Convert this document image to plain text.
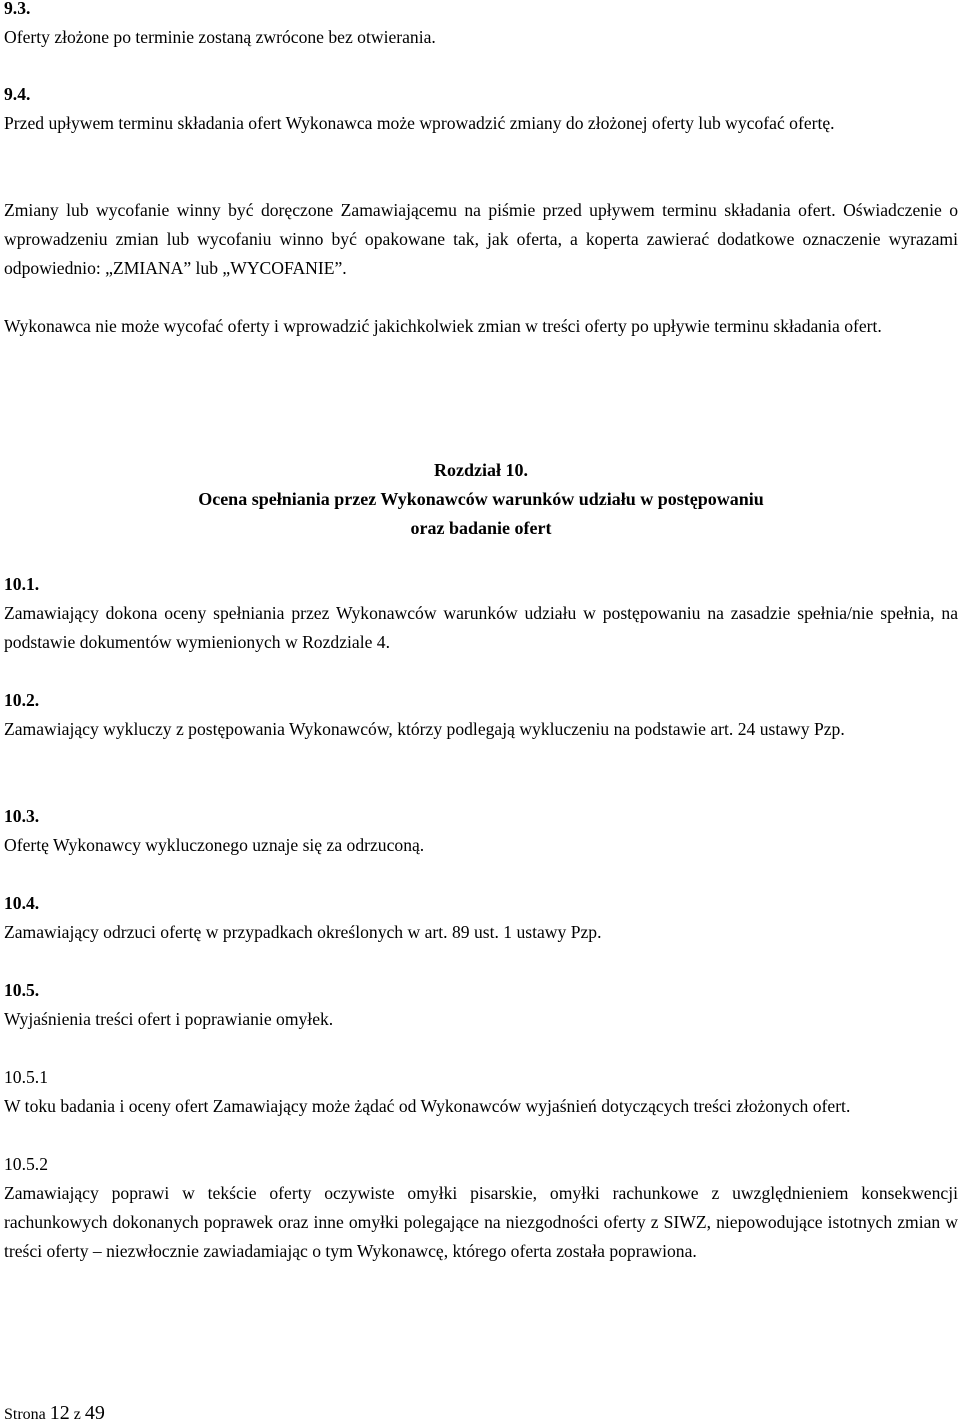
9.3.

Oferty złożone po terminie zostaną zwrócone bez otwierania.

9.4.

Przed upływem terminu składania ofert Wykonawca może wprowadzić zmiany do złożonej oferty lub wycofać ofertę.

Zmiany lub wycofanie winny być doręczone Zamawiającemu na piśmie przed upływem terminu składania ofert. Oświadczenie o wprowadzeniu zmian lub wycofaniu winno być opakowane tak, jak oferta, a koperta zawierać dodatkowe oznaczenie wyrazami odpowiednio: „ZMIANA” lub „WYCOFANIE”.

Wykonawca nie może wycofać oferty i wprowadzić jakichkolwiek zmian w treści oferty po upływie terminu składania ofert.

Rozdział 10.
Ocena spełniania przez Wykonawców warunków udziału w postępowaniu
oraz badanie ofert
10.1.

Zamawiający dokona oceny spełniania przez Wykonawców warunków udziału w postępowaniu na zasadzie spełnia/nie spełnia, na podstawie dokumentów wymienionych w Rozdziale 4.

10.2.

Zamawiający wykluczy z postępowania Wykonawców, którzy podlegają wykluczeniu na podstawie art. 24 ustawy Pzp.

10.3.

Ofertę Wykonawcy wykluczonego uznaje się za odrzuconą.

10.4.

Zamawiający odrzuci ofertę w przypadkach określonych w art. 89 ust. 1 ustawy Pzp.

10.5.

Wyjaśnienia treści ofert i poprawianie omyłek.

10.5.1

W toku badania i oceny ofert Zamawiający może żądać od Wykonawców wyjaśnień dotyczących treści złożonych ofert.

10.5.2

Zamawiający poprawi w tekście oferty oczywiste omyłki pisarskie, omyłki rachunkowe z uwzględnieniem konsekwencji rachunkowych dokonanych poprawek oraz inne omyłki polegające na niezgodności oferty z SIWZ, niepowodujące istotnych zmian w treści oferty – niezwłocznie zawiadamiając o tym Wykonawcę, którego oferta została poprawiona.

Strona 12 z 49
